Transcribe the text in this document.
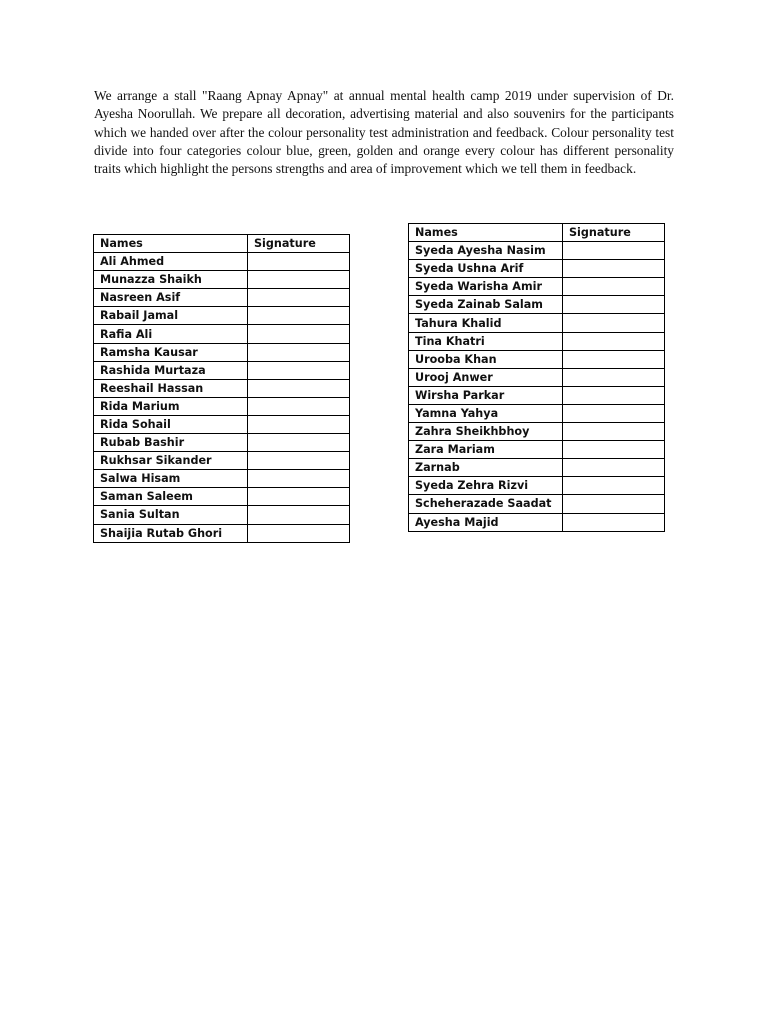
We arrange a stall "Raang Apnay Apnay" at annual mental health camp 2019 under supervision of Dr. Ayesha Noorullah. We prepare all decoration, advertising material and also souvenirs for the participants which we handed over after the colour personality test administration and feedback. Colour personality test divide into four categories colour blue, green, golden and orange every colour has different personality traits which highlight the persons strengths and area of improvement which we tell them in feedback.

Names	Signature
Ali Ahmed	
Munazza Shaikh	
Nasreen Asif	
Rabail Jamal	
Rafia Ali	
Ramsha Kausar	
Rashida Murtaza	
Reeshail Hassan	
Rida Marium	
Rida Sohail	
Rubab Bashir	
Rukhsar Sikander	
Salwa Hisam	
Saman Saleem	
Sania Sultan	
Shaijia Rutab Ghori	
Names	Signature
Syeda Ayesha Nasim	
Syeda Ushna Arif	
Syeda Warisha Amir	
Syeda Zainab Salam	
Tahura Khalid	
Tina Khatri	
Urooba Khan	
Urooj Anwer	
Wirsha Parkar	
Yamna Yahya	
Zahra Sheikhbhoy	
Zara Mariam	
Zarnab	
Syeda Zehra Rizvi	
Scheherazade Saadat	
Ayesha Majid	
